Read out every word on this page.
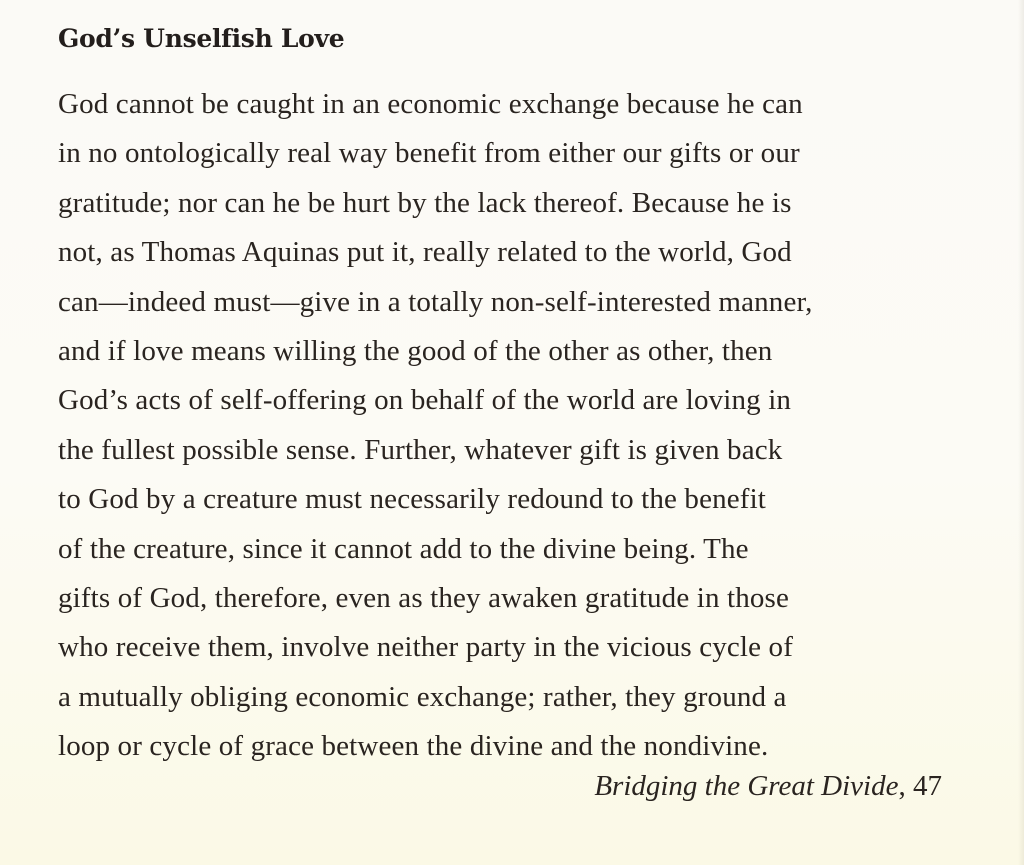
God’s Unselfish Love
God cannot be caught in an economic exchange because he can
in no ontologically real way benefit from either our gifts or our
gratitude; nor can he be hurt by the lack thereof. Because he is
not, as Thomas Aquinas put it, really related to the world, God
can—indeed must—give in a totally non-self-interested manner,
and if love means willing the good of the other as other, then
God’s acts of self-offering on behalf of the world are loving in
the fullest possible sense. Further, whatever gift is given back
to God by a creature must necessarily redound to the benefit
of the creature, since it cannot add to the divine being. The
gifts of God, therefore, even as they awaken gratitude in those
who receive them, involve neither party in the vicious cycle of
a mutually obliging economic exchange; rather, they ground a
loop or cycle of grace between the divine and the nondivine.
Bridging the Great Divide, 47
